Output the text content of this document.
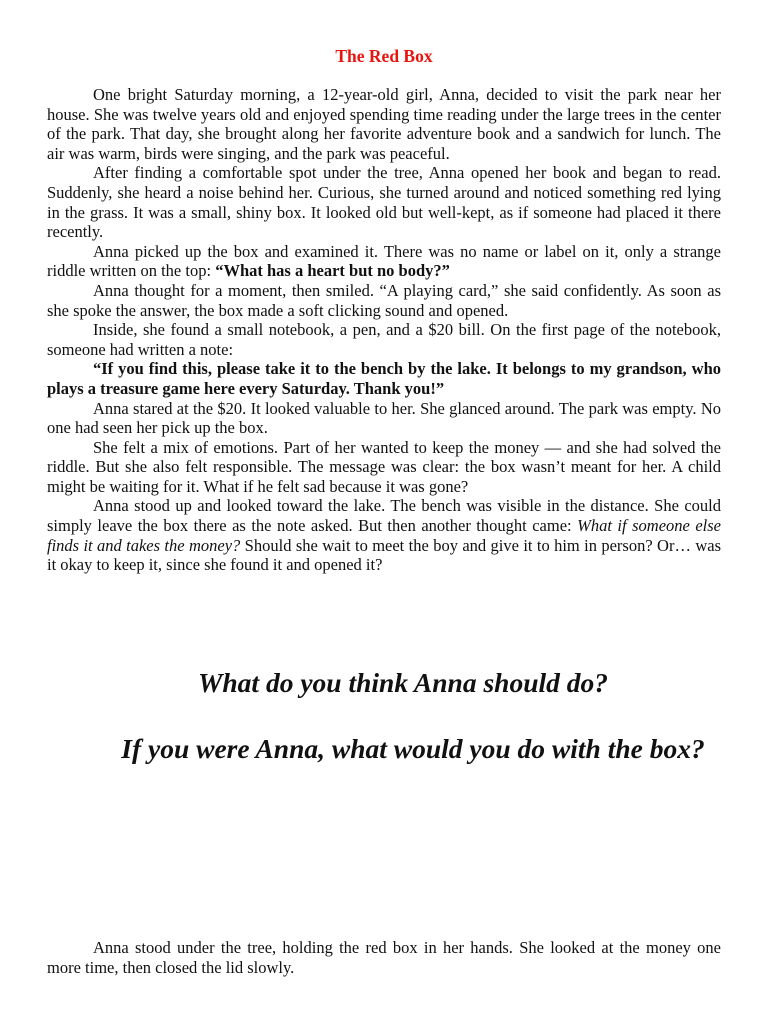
The Red Box

One bright Saturday morning, a 12-year-old girl, Anna, decided to visit the park near her house. She was twelve years old and enjoyed spending time reading under the large trees in the center of the park. That day, she brought along her favorite adventure book and a sandwich for lunch. The air was warm, birds were singing, and the park was peaceful.

After finding a comfortable spot under the tree, Anna opened her book and began to read. Suddenly, she heard a noise behind her. Curious, she turned around and noticed something red lying in the grass. It was a small, shiny box. It looked old but well-kept, as if someone had placed it there recently.

Anna picked up the box and examined it. There was no name or label on it, only a strange riddle written on the top: “What has a heart but no body?”

Anna thought for a moment, then smiled. “A playing card,” she said confidently. As soon as she spoke the answer, the box made a soft clicking sound and opened.

Inside, she found a small notebook, a pen, and a $20 bill. On the first page of the notebook, someone had written a note:

“If you find this, please take it to the bench by the lake. It belongs to my grandson, who plays a treasure game here every Saturday. Thank you!”

Anna stared at the $20. It looked valuable to her. She glanced around. The park was empty. No one had seen her pick up the box.

She felt a mix of emotions. Part of her wanted to keep the money — and she had solved the riddle. But she also felt responsible. The message was clear: the box wasn’t meant for her. A child might be waiting for it. What if he felt sad because it was gone?

Anna stood up and looked toward the lake. The bench was visible in the distance. She could simply leave the box there as the note asked. But then another thought came: What if someone else finds it and takes the money? Should she wait to meet the boy and give it to him in person? Or… was it okay to keep it, since she found it and opened it?

What do you think Anna should do?

If you were Anna, what would you do with the box?

Anna stood under the tree, holding the red box in her hands. She looked at the money one more time, then closed the lid slowly.
